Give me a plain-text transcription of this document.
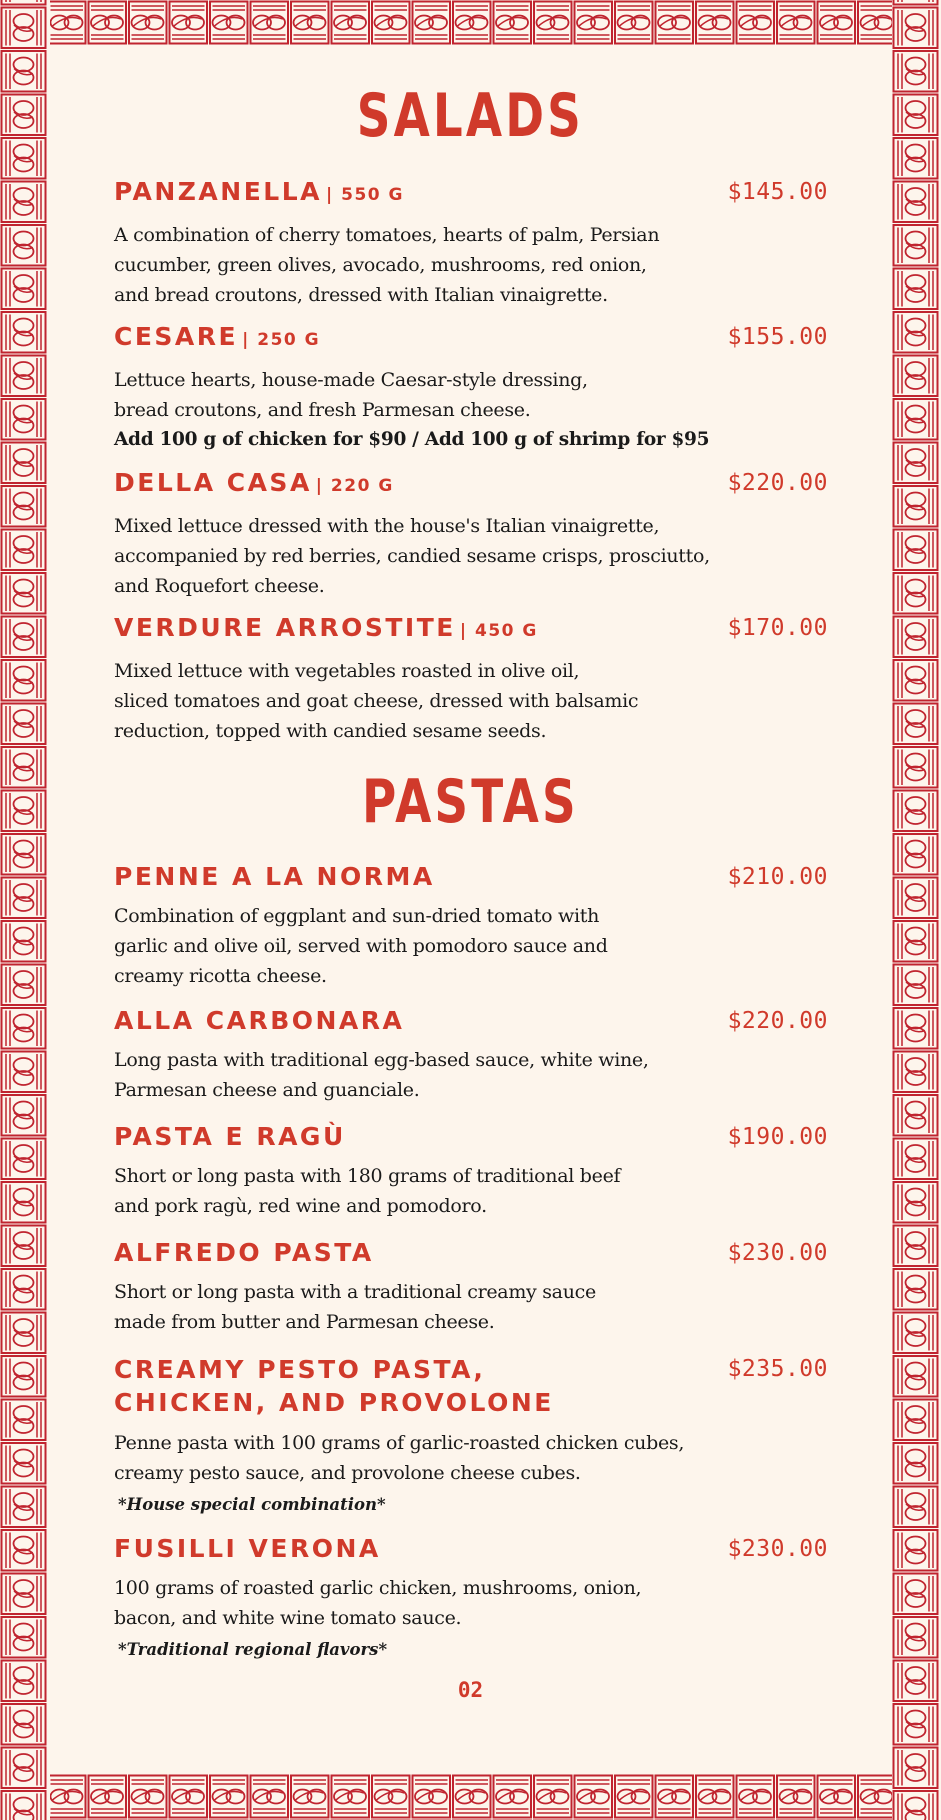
SALADS

PANZANELLA | 550 G	$145.00

A combination of cherry tomatoes, hearts of palm, Persian
cucumber, green olives, avocado, mushrooms, red onion,
and bread croutons, dressed with Italian vinaigrette.

CESARE | 250 G	$155.00

Lettuce hearts, house-made Caesar-style dressing,
bread croutons, and fresh Parmesan cheese.

Add 100 g of chicken for $90 / Add 100 g of shrimp for $95

DELLA CASA | 220 G	$220.00

Mixed lettuce dressed with the house's Italian vinaigrette,
accompanied by red berries, candied sesame crisps, prosciutto,
and Roquefort cheese.

VERDURE ARROSTITE | 450 G	$170.00

Mixed lettuce with vegetables roasted in olive oil,
sliced tomatoes and goat cheese, dressed with balsamic
reduction, topped with candied sesame seeds.

PASTAS

PENNE A LA NORMA	$210.00

Combination of eggplant and sun-dried tomato with
garlic and olive oil, served with pomodoro sauce and
creamy ricotta cheese.

ALLA CARBONARA	$220.00

Long pasta with traditional egg-based sauce, white wine,
Parmesan cheese and guanciale.

PASTA E RAGÙ	$190.00

Short or long pasta with 180 grams of traditional beef
and pork ragù, red wine and pomodoro.

ALFREDO PASTA	$230.00

Short or long pasta with a traditional creamy sauce
made from butter and Parmesan cheese.

CREAMY PESTO PASTA,
CHICKEN, AND PROVOLONE

$235.00

Penne pasta with 100 grams of garlic-roasted chicken cubes,
creamy pesto sauce, and provolone cheese cubes.

*House special combination*

FUSILLI VERONA	$230.00

100 grams of roasted garlic chicken, mushrooms, onion,
bacon, and white wine tomato sauce.

*Traditional regional flavors*

02
